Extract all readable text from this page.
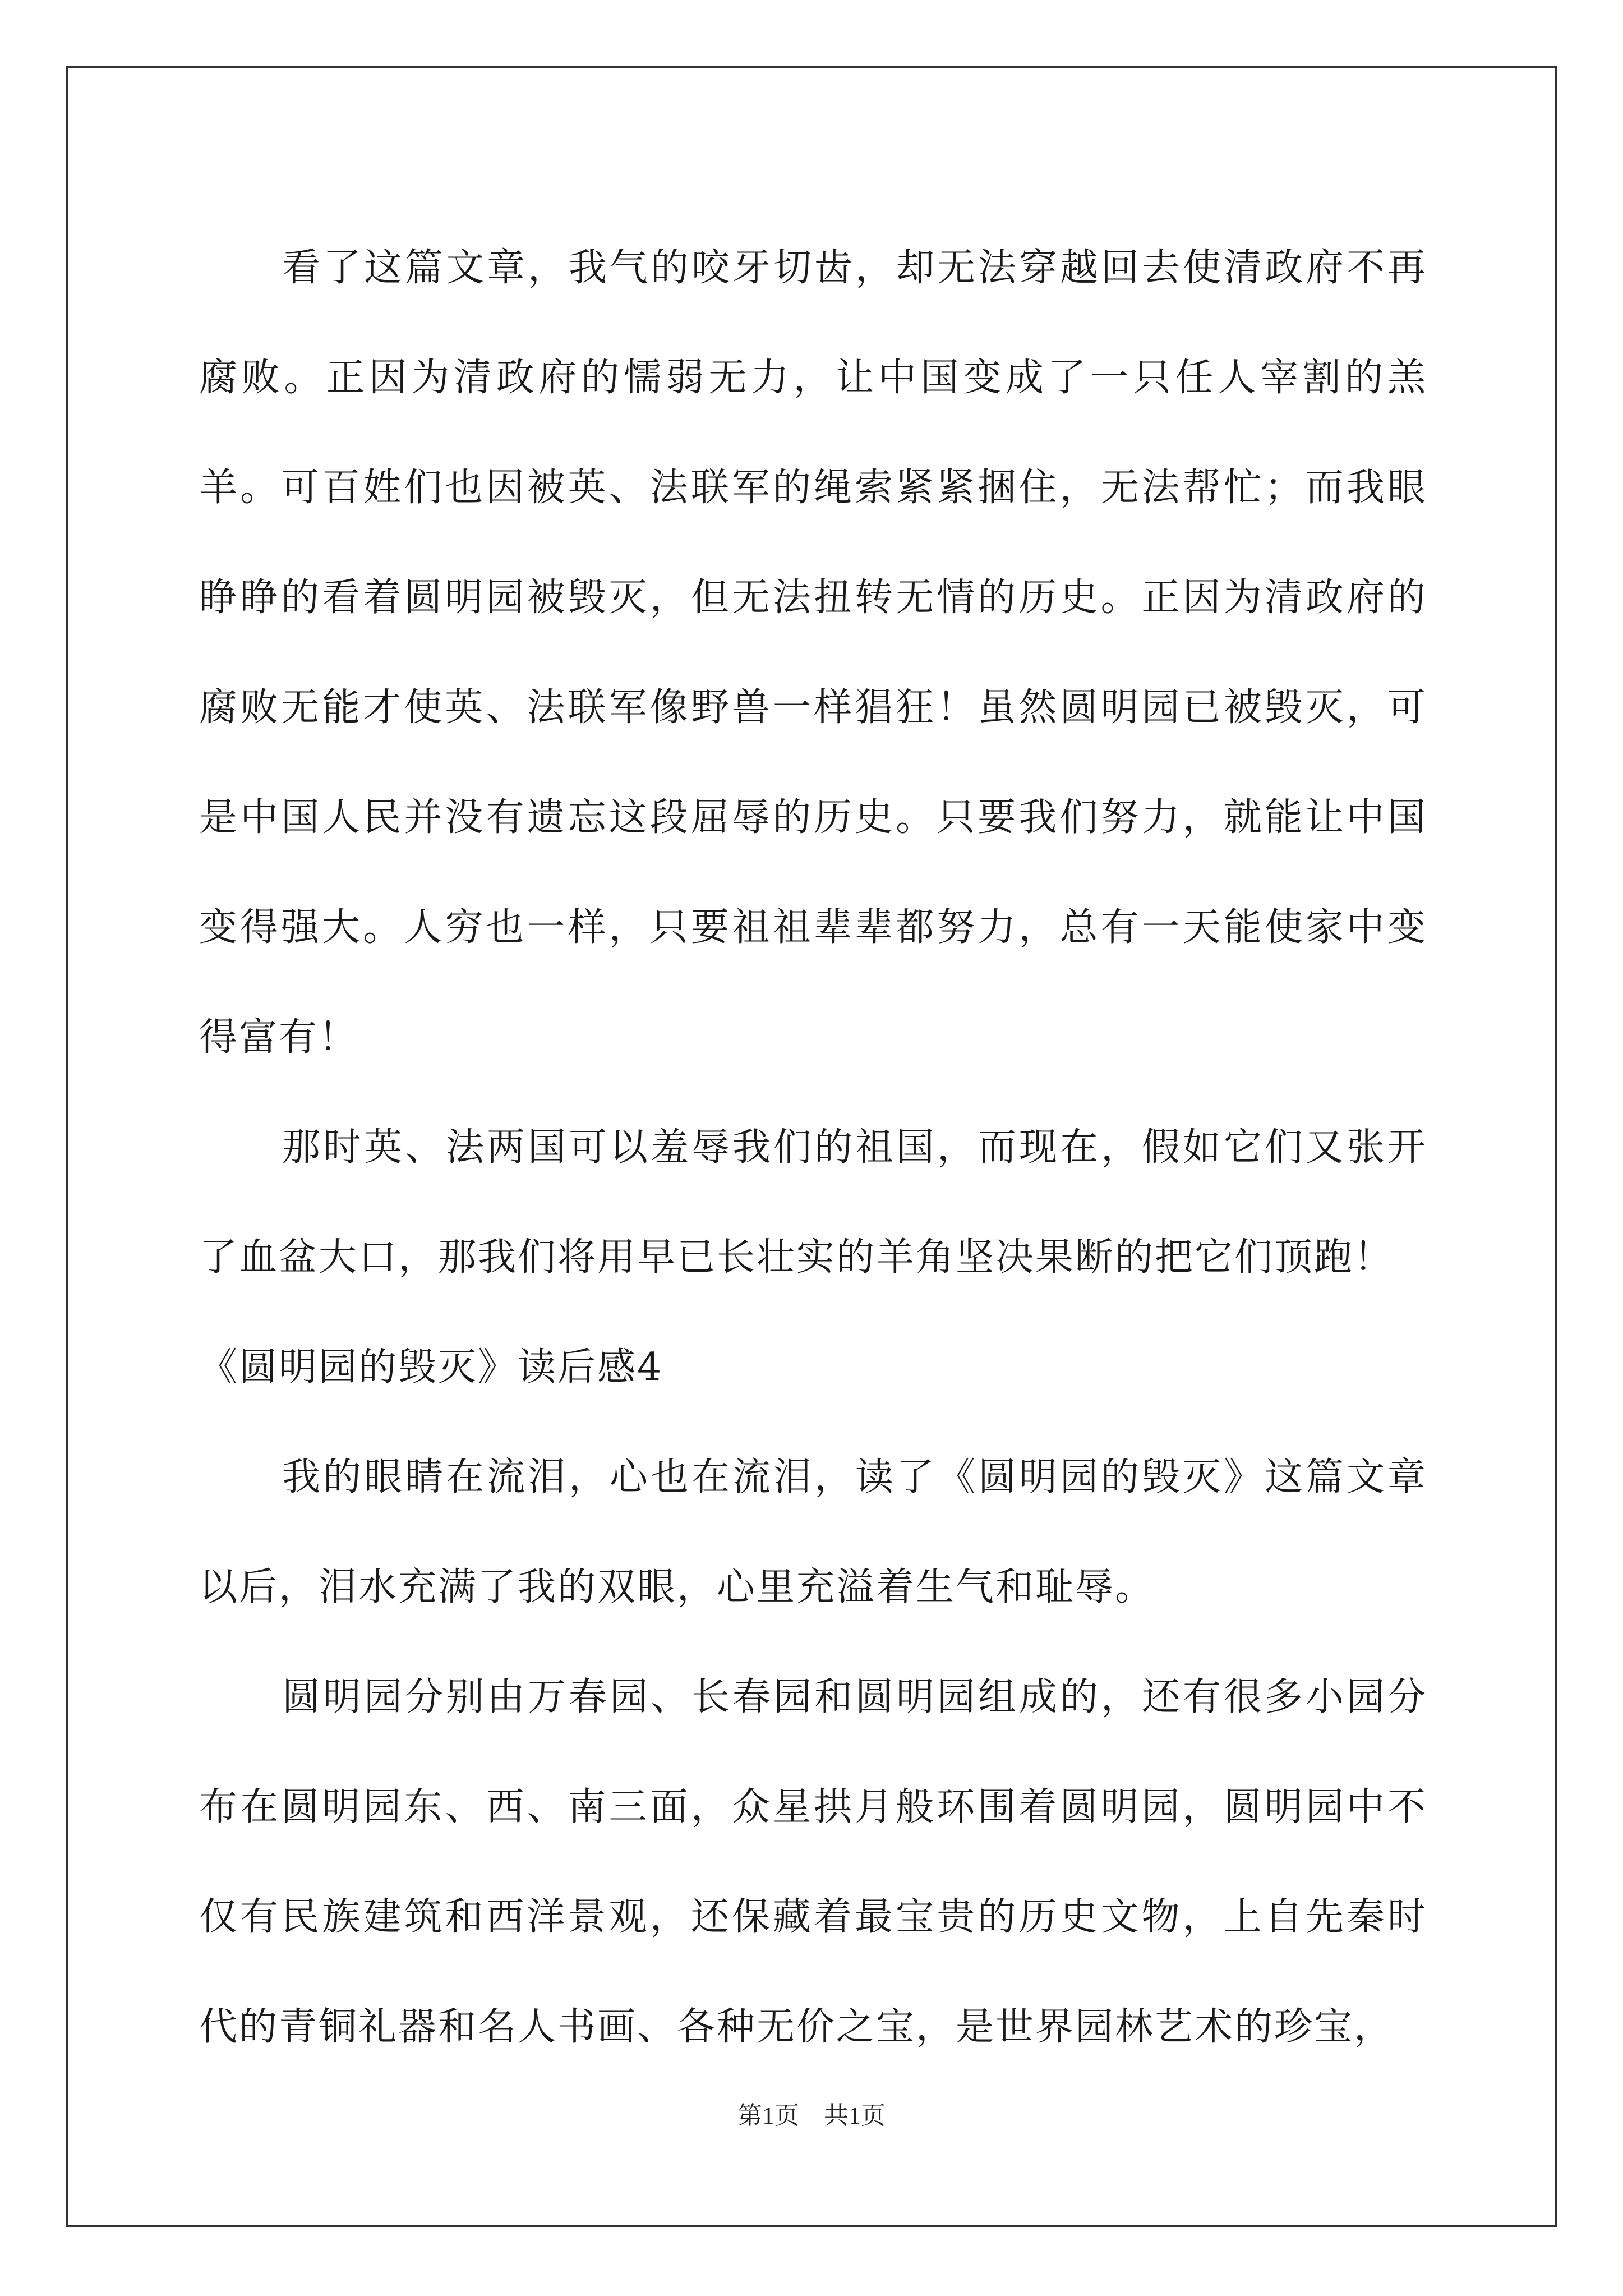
看了这篇文章，我气的咬牙切齿，却无法穿越回去使清政府不再腐败。正因为清政府的懦弱无力，让中国变成了一只任人宰割的羔羊。可百姓们也因被英、法联军的绳索紧紧捆住，无法帮忙；而我眼睁睁的看着圆明园被毁灭，但无法扭转无情的历史。正因为清政府的腐败无能才使英、法联军像野兽一样猖狂！虽然圆明园已被毁灭，可是中国人民并没有遗忘这段屈辱的历史。只要我们努力，就能让中国变得强大。人穷也一样，只要祖祖辈辈都努力，总有一天能使家中变得富有！

那时英、法两国可以羞辱我们的祖国，而现在，假如它们又张开了血盆大口，那我们将用早已长壮实的羊角坚决果断的把它们顶跑！

《圆明园的毁灭》读后感4

我的眼睛在流泪，心也在流泪，读了《圆明园的毁灭》这篇文章以后，泪水充满了我的双眼，心里充溢着生气和耻辱。

圆明园分别由万春园、长春园和圆明园组成的，还有很多小园分布在圆明园东、西、南三面，众星拱月般环围着圆明园，圆明园中不仅有民族建筑和西洋景观，还保藏着最宝贵的历史文物，上自先秦时代的青铜礼器和名人书画、各种无价之宝，是世界园林艺术的珍宝，

第1页 共1页
